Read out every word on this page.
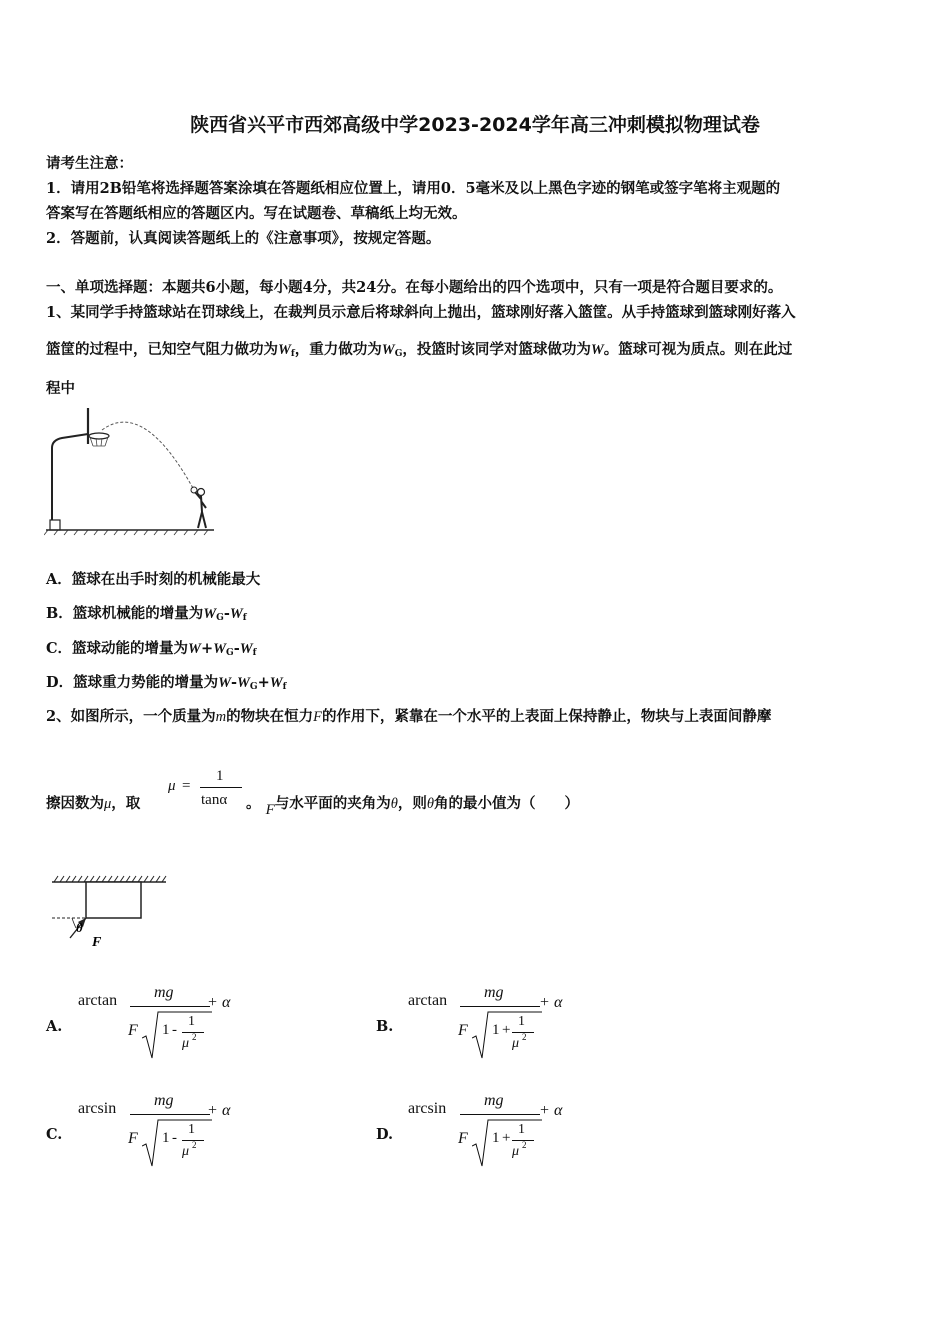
陕西省兴平市西郊高级中学2023-2024学年高三冲刺模拟物理试卷
请考生注意：
1．请用2B铅笔将选择题答案涂填在答题纸相应位置上，请用0．5毫米及以上黑色字迹的钢笔或签字笔将主观题的
答案写在答题纸相应的答题区内。写在试题卷、草稿纸上均无效。
2．答题前，认真阅读答题纸上的《注意事项》，按规定答题。
一、单项选择题：本题共6小题，每小题4分，共24分。在每小题给出的四个选项中，只有一项是符合题目要求的。
1、某同学手持篮球站在罚球线上，在裁判员示意后将球斜向上抛出，篮球刚好落入篮筐。从手持篮球到篮球刚好落入
篮筐的过程中，已知空气阻力做功为$W_f$，重力做功为$W_G$，投篮时该同学对篮球做功为W。篮球可视为质点。则在此过
程中
A．篮球在出手时刻的机械能最大
B．篮球机械能的增量为$W_G-W_f$
C．篮球动能的增量为$W+W_G-W_f$
D．篮球重力势能的增量为$W-W_G+W_f$
2、如图所示，一个质量为m的物块在恒力F的作用下，紧靠在一个水平的上表面上保持静止，物块与上表面间静摩
擦因数为μ，取
μ =
1
tanα 。 F与水平面的夹角为θ，则θ角的最小值为（　　）
θ
F
A.
arctan mg
F 1 -
1
μ 2
+ α
B.
arctan mg
F 1 +
1
μ 2
+ α
C.
arcsin mg
F 1 -
1
μ 2
+ α
D.
arcsin mg
F 1 +
1
μ 2
+ α
